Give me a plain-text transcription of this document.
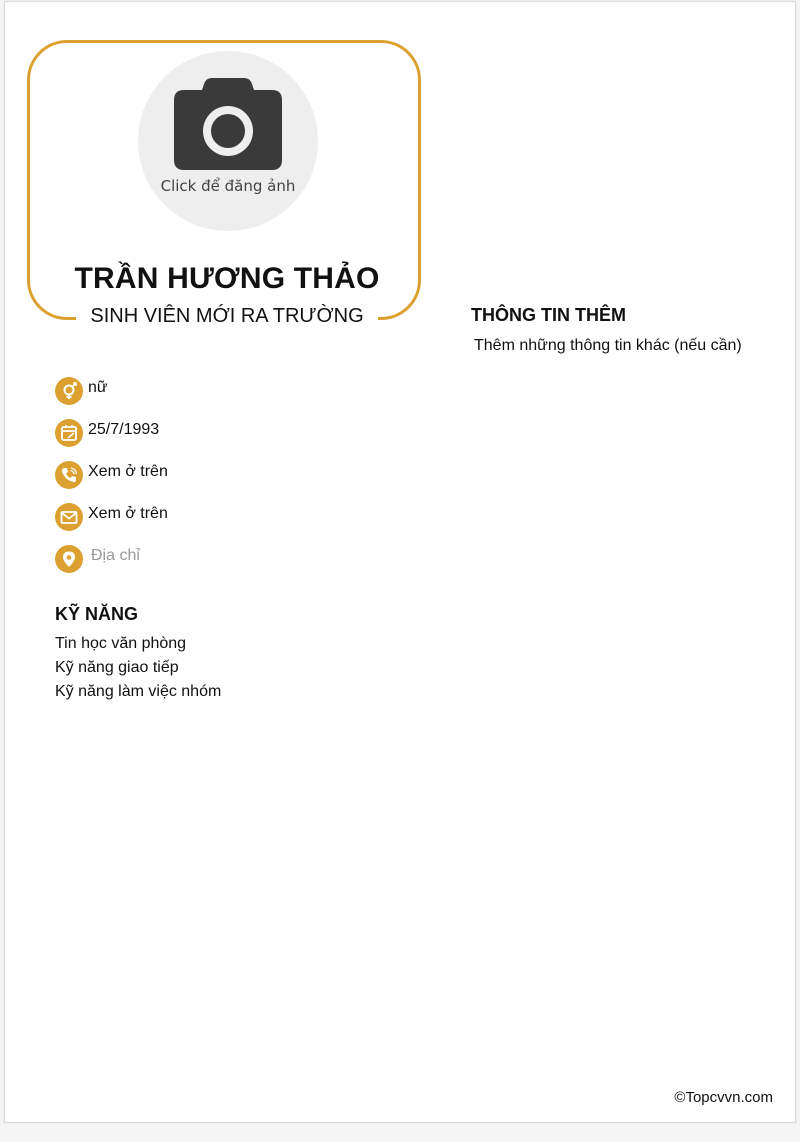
Click để đăng ảnh
TRẦN HƯƠNG THẢO
SINH VIÊN MỚI RA TRƯỜNG
nữ
25/7/1993
Xem ở trên
Xem ở trên
Địa chỉ
KỸ NĂNG
Tin học văn phòng
Kỹ năng giao tiếp
Kỹ năng làm việc nhóm
THÔNG TIN THÊM
Thêm những thông tin khác (nếu cần)
©Topcvvn.com
